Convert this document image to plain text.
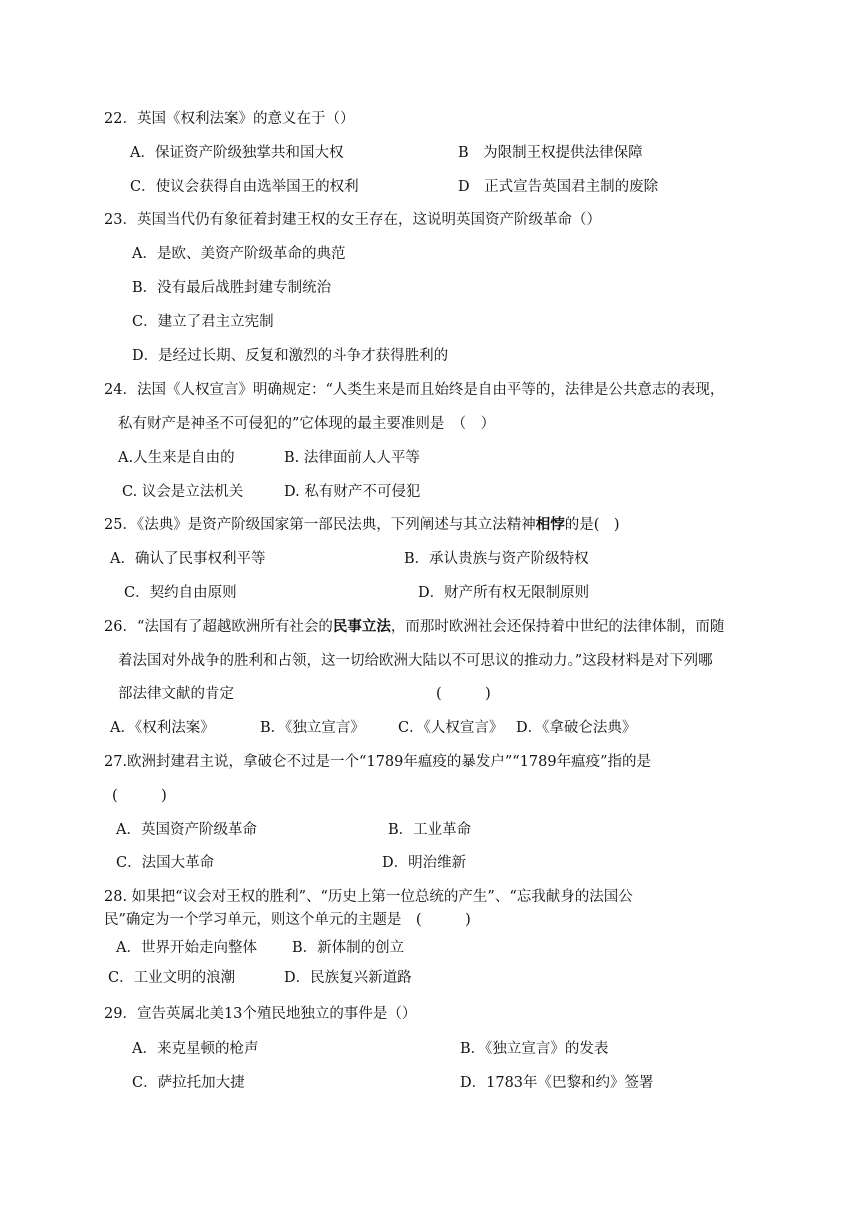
22．英国《权利法案》的意义在于（）
A．保证资产阶级独掌共和国大权	B　为限制王权提供法律保障
C．使议会获得自由选举国王的权利	D　正式宣告英国君主制的废除
23．英国当代仍有象征着封建王权的女王存在，这说明英国资产阶级革命（）
A．是欧、美资产阶级革命的典范
B．没有最后战胜封建专制统治
C．建立了君主立宪制
D．是经过长期、反复和激烈的斗争才获得胜利的
24．法国《人权宣言》明确规定：“人类生来是而且始终是自由平等的，法律是公共意志的表现，
私有财产是神圣不可侵犯的”它体现的最主要准则是　（　）
A.人生来是自由的	B. 法律面前人人平等
C. 议会是立法机关	D. 私有财产不可侵犯
25．《法典》是资产阶级国家第一部民法典，下列阐述与其立法精神相悖的是(　)
A．确认了民事权利平等	B．承认贵族与资产阶级特权
C．契约自由原则	D．财产所有权无限制原则
26．“法国有了超越欧洲所有社会的民事立法，而那时欧洲社会还保持着中世纪的法律体制，而随
着法国对外战争的胜利和占领，这一切给欧洲大陆以不可思议的推动力。”这段材料是对下列哪
部法律文献的肯定	(　　　)
A．《权利法案》	B．《独立宣言》 C．《人权宣言》 D．《拿破仑法典》
27.欧洲封建君主说，拿破仑不过是一个“1789年瘟疫的暴发户”“1789年瘟疫”指的是
(　　　)
A．英国资产阶级革命	B．工业革命
C．法国大革命	D．明治维新
28. 如果把“议会对王权的胜利”、“历史上第一位总统的产生”、“忘我献身的法国公
民”确定为一个学习单元，则这个单元的主题是　(　　　)
A．世界开始走向整体 B．新体制的创立
C．工业文明的浪潮	D．民族复兴新道路
29．宣告英属北美13个殖民地独立的事件是（）
A．来克星顿的枪声	B．《独立宣言》的发表
C．萨拉托加大捷	D．1783年《巴黎和约》签署
